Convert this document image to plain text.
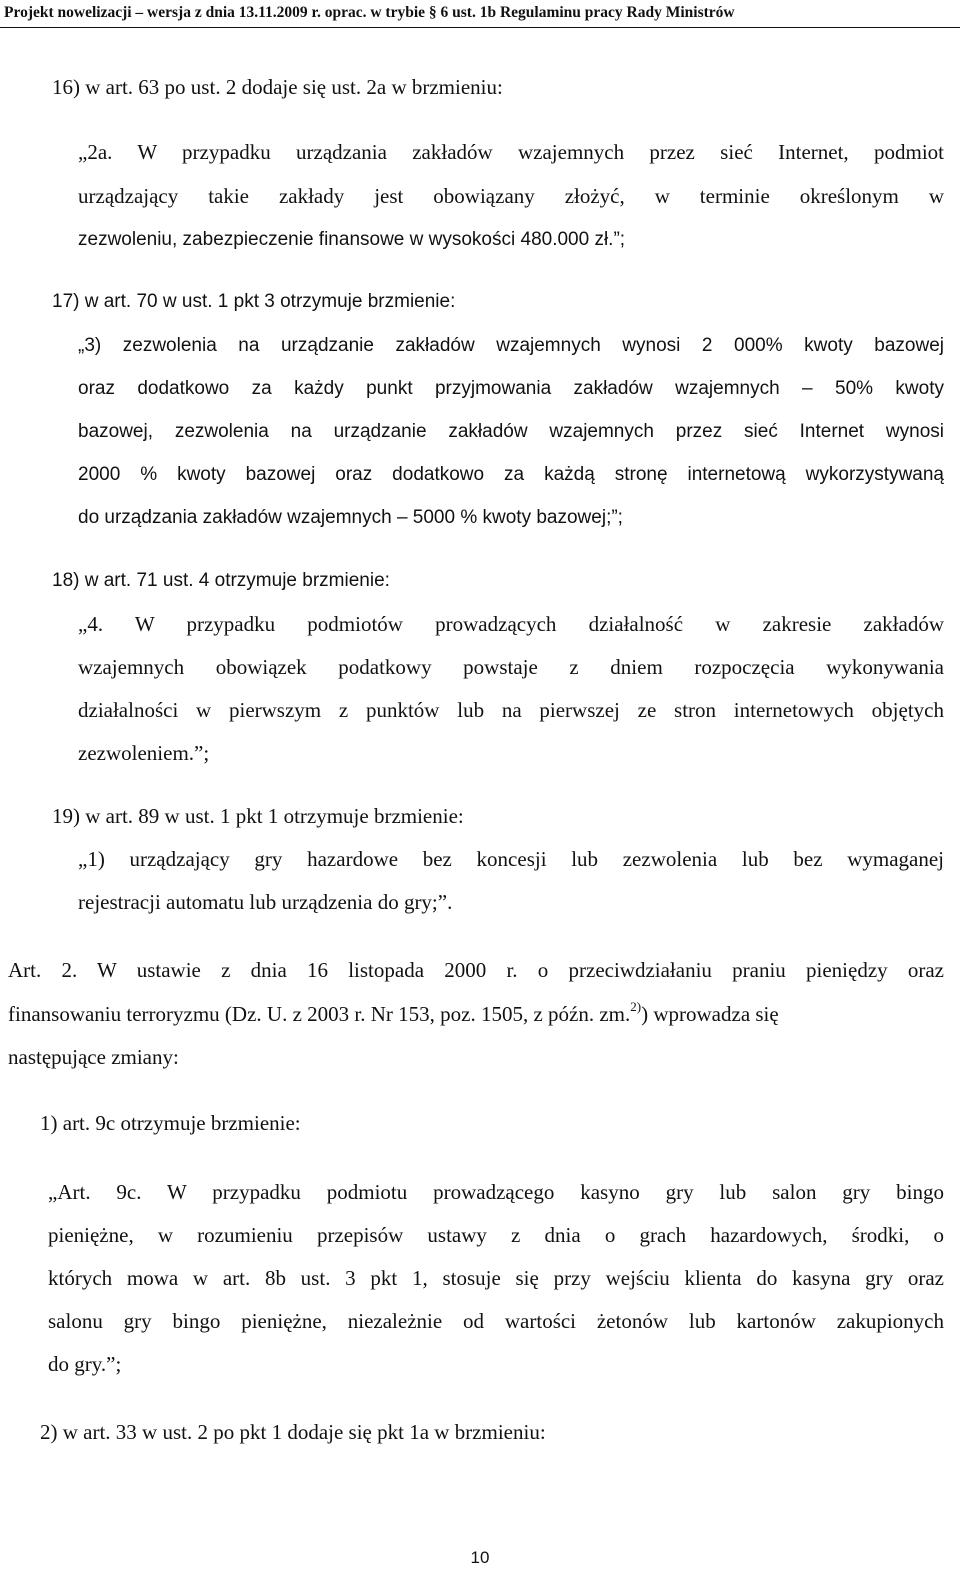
Projekt nowelizacji – wersja z dnia 13.11.2009 r. oprac. w trybie § 6 ust. 1b Regulaminu pracy Rady Ministrów
16) w art. 63 po ust. 2 dodaje się ust. 2a w brzmieniu:
„2a. W przypadku urządzania zakładów wzajemnych przez sieć Internet, podmiot
urządzający takie zakłady jest obowiązany złożyć, w terminie określonym w
zezwoleniu, zabezpieczenie finansowe w wysokości 480.000 zł.”;
17) w art. 70 w ust. 1 pkt 3 otrzymuje brzmienie:
„3) zezwolenia na urządzanie zakładów wzajemnych wynosi 2 000% kwoty bazowej
oraz dodatkowo za każdy punkt przyjmowania zakładów wzajemnych – 50% kwoty
bazowej, zezwolenia na urządzanie zakładów wzajemnych przez sieć Internet wynosi
2000 % kwoty bazowej oraz dodatkowo za każdą stronę internetową wykorzystywaną
do urządzania zakładów wzajemnych – 5000 % kwoty bazowej;”;
18) w art. 71 ust. 4 otrzymuje brzmienie:
„4. W przypadku podmiotów prowadzących działalność w zakresie zakładów
wzajemnych obowiązek podatkowy powstaje z dniem rozpoczęcia wykonywania
działalności w pierwszym z punktów lub na pierwszej ze stron internetowych objętych
zezwoleniem.”;
19) w art. 89 w ust. 1 pkt 1 otrzymuje brzmienie:
„1) urządzający gry hazardowe bez koncesji lub zezwolenia lub bez wymaganej
rejestracji automatu lub urządzenia do gry;”.
Art. 2. W ustawie z dnia 16 listopada 2000 r. o przeciwdziałaniu praniu pieniędzy oraz
finansowaniu terroryzmu (Dz. U. z 2003 r. Nr 153, poz. 1505, z późn. zm.$^{2)}$) wprowadza się
następujące zmiany:
1) art. 9c otrzymuje brzmienie:
„Art. 9c. W przypadku podmiotu prowadzącego kasyno gry lub salon gry bingo
pieniężne, w rozumieniu przepisów ustawy z dnia o grach hazardowych, środki, o
których mowa w art. 8b ust. 3 pkt 1, stosuje się przy wejściu klienta do kasyna gry oraz
salonu gry bingo pieniężne, niezależnie od wartości żetonów lub kartonów zakupionych
do gry.”;
2) w art. 33 w ust. 2 po pkt 1 dodaje się pkt 1a w brzmieniu:
10
